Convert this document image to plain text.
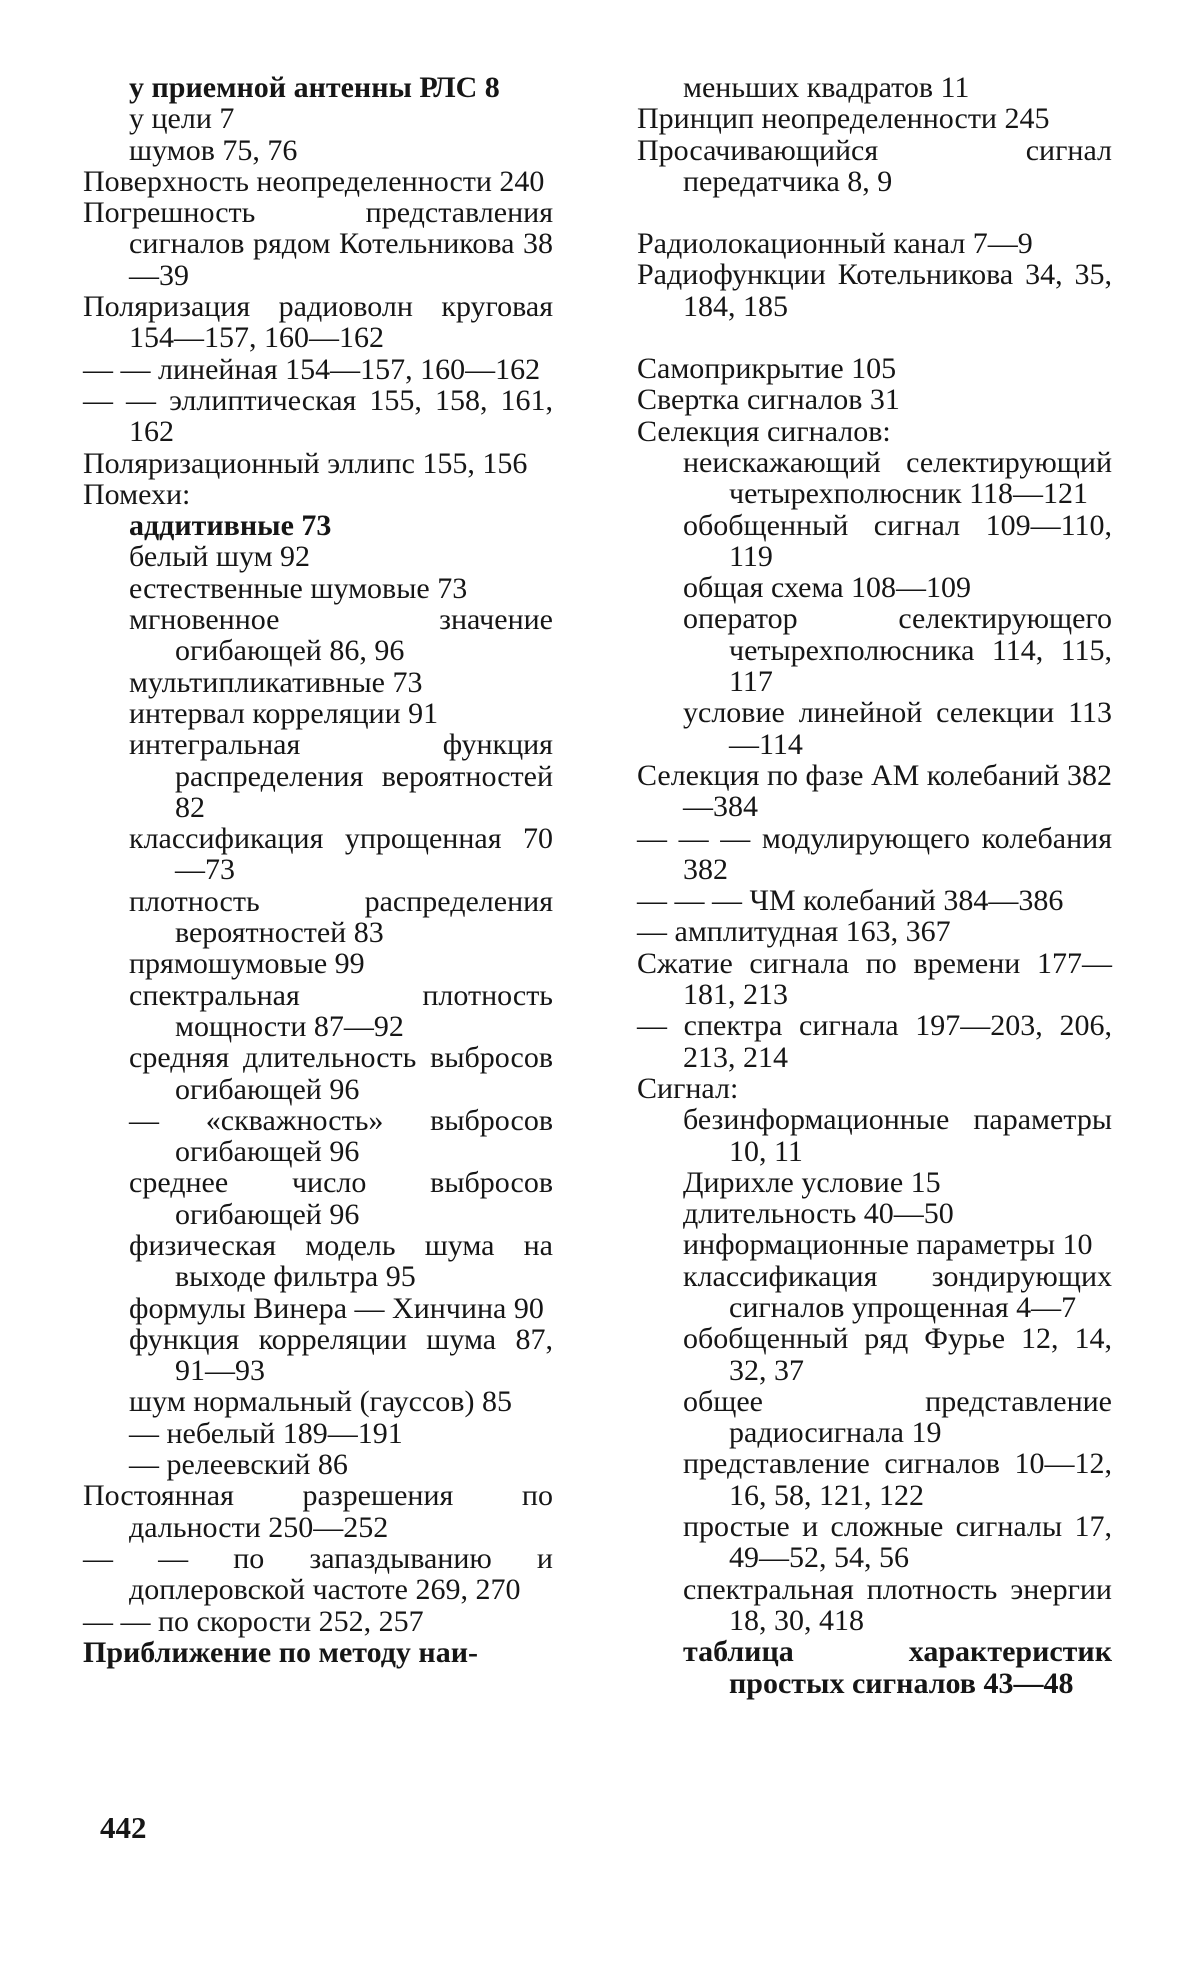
у приемной антенны РЛС 8

у цели 7

шумов 75, 76

Поверхность неопределенности 240

Погрешность представления сигналов рядом Котельникова 38—39

Поляризация радиоволн круговая 154—157, 160—162

— — линейная 154—157, 160—162

— — эллиптическая 155, 158, 161, 162

Поляризационный эллипс 155, 156

Помехи:

аддитивные 73

белый шум 92

естественные шумовые 73

мгновенное значение огибающей 86, 96

мультипликативные 73

интервал корреляции 91

интегральная функция распределения вероятностей 82

классификация упрощенная 70—73

плотность распределения вероятностей 83

прямошумовые 99

спектральная плотность мощности 87—92

средняя длительность выбросов огибающей 96

— «скважность» выбросов огибающей 96

среднее число выбросов огибающей 96

физическая модель шума на выходе фильтра 95

формулы Винера — Хинчина 90

функция корреляции шума 87, 91—93

шум нормальный (гауссов) 85

— небелый 189—191

— релеевский 86

Постоянная разрешения по дальности 250—252

— — по запаздыванию и доплеровской частоте 269, 270

— — по скорости 252, 257

Приближение по методу наи-

меньших квадратов 11

Принцип неопределенности 245

Просачивающийся сигнал передатчика 8, 9

Радиолокационный канал 7—9

Радиофункции Котельникова 34, 35, 184, 185

Самоприкрытие 105

Свертка сигналов 31

Селекция сигналов:

неискажающий селектирующий четырехполюсник 118—121

обобщенный сигнал 109—110, 119

общая схема 108—109

оператор селектирующего четырехполюсника 114, 115, 117

условие линейной селекции 113—114

Селекция по фазе АМ колебаний 382—384

— — — модулирующего колебания 382

— — — ЧМ колебаний 384—386

— амплитудная 163, 367

Сжатие сигнала по времени 177—181, 213

— спектра сигнала 197—203, 206, 213, 214

Сигнал:

безинформационные параметры 10, 11

Дирихле условие 15

длительность 40—50

информационные параметры 10

классификация зондирующих сигналов упрощенная 4—7

обобщенный ряд Фурье 12, 14, 32, 37

общее представление радиосигнала 19

представление сигналов 10—12, 16, 58, 121, 122

простые и сложные сигналы 17, 49—52, 54, 56

спектральная плотность энергии 18, 30, 418

таблица характеристик простых сигналов 43—48

442
